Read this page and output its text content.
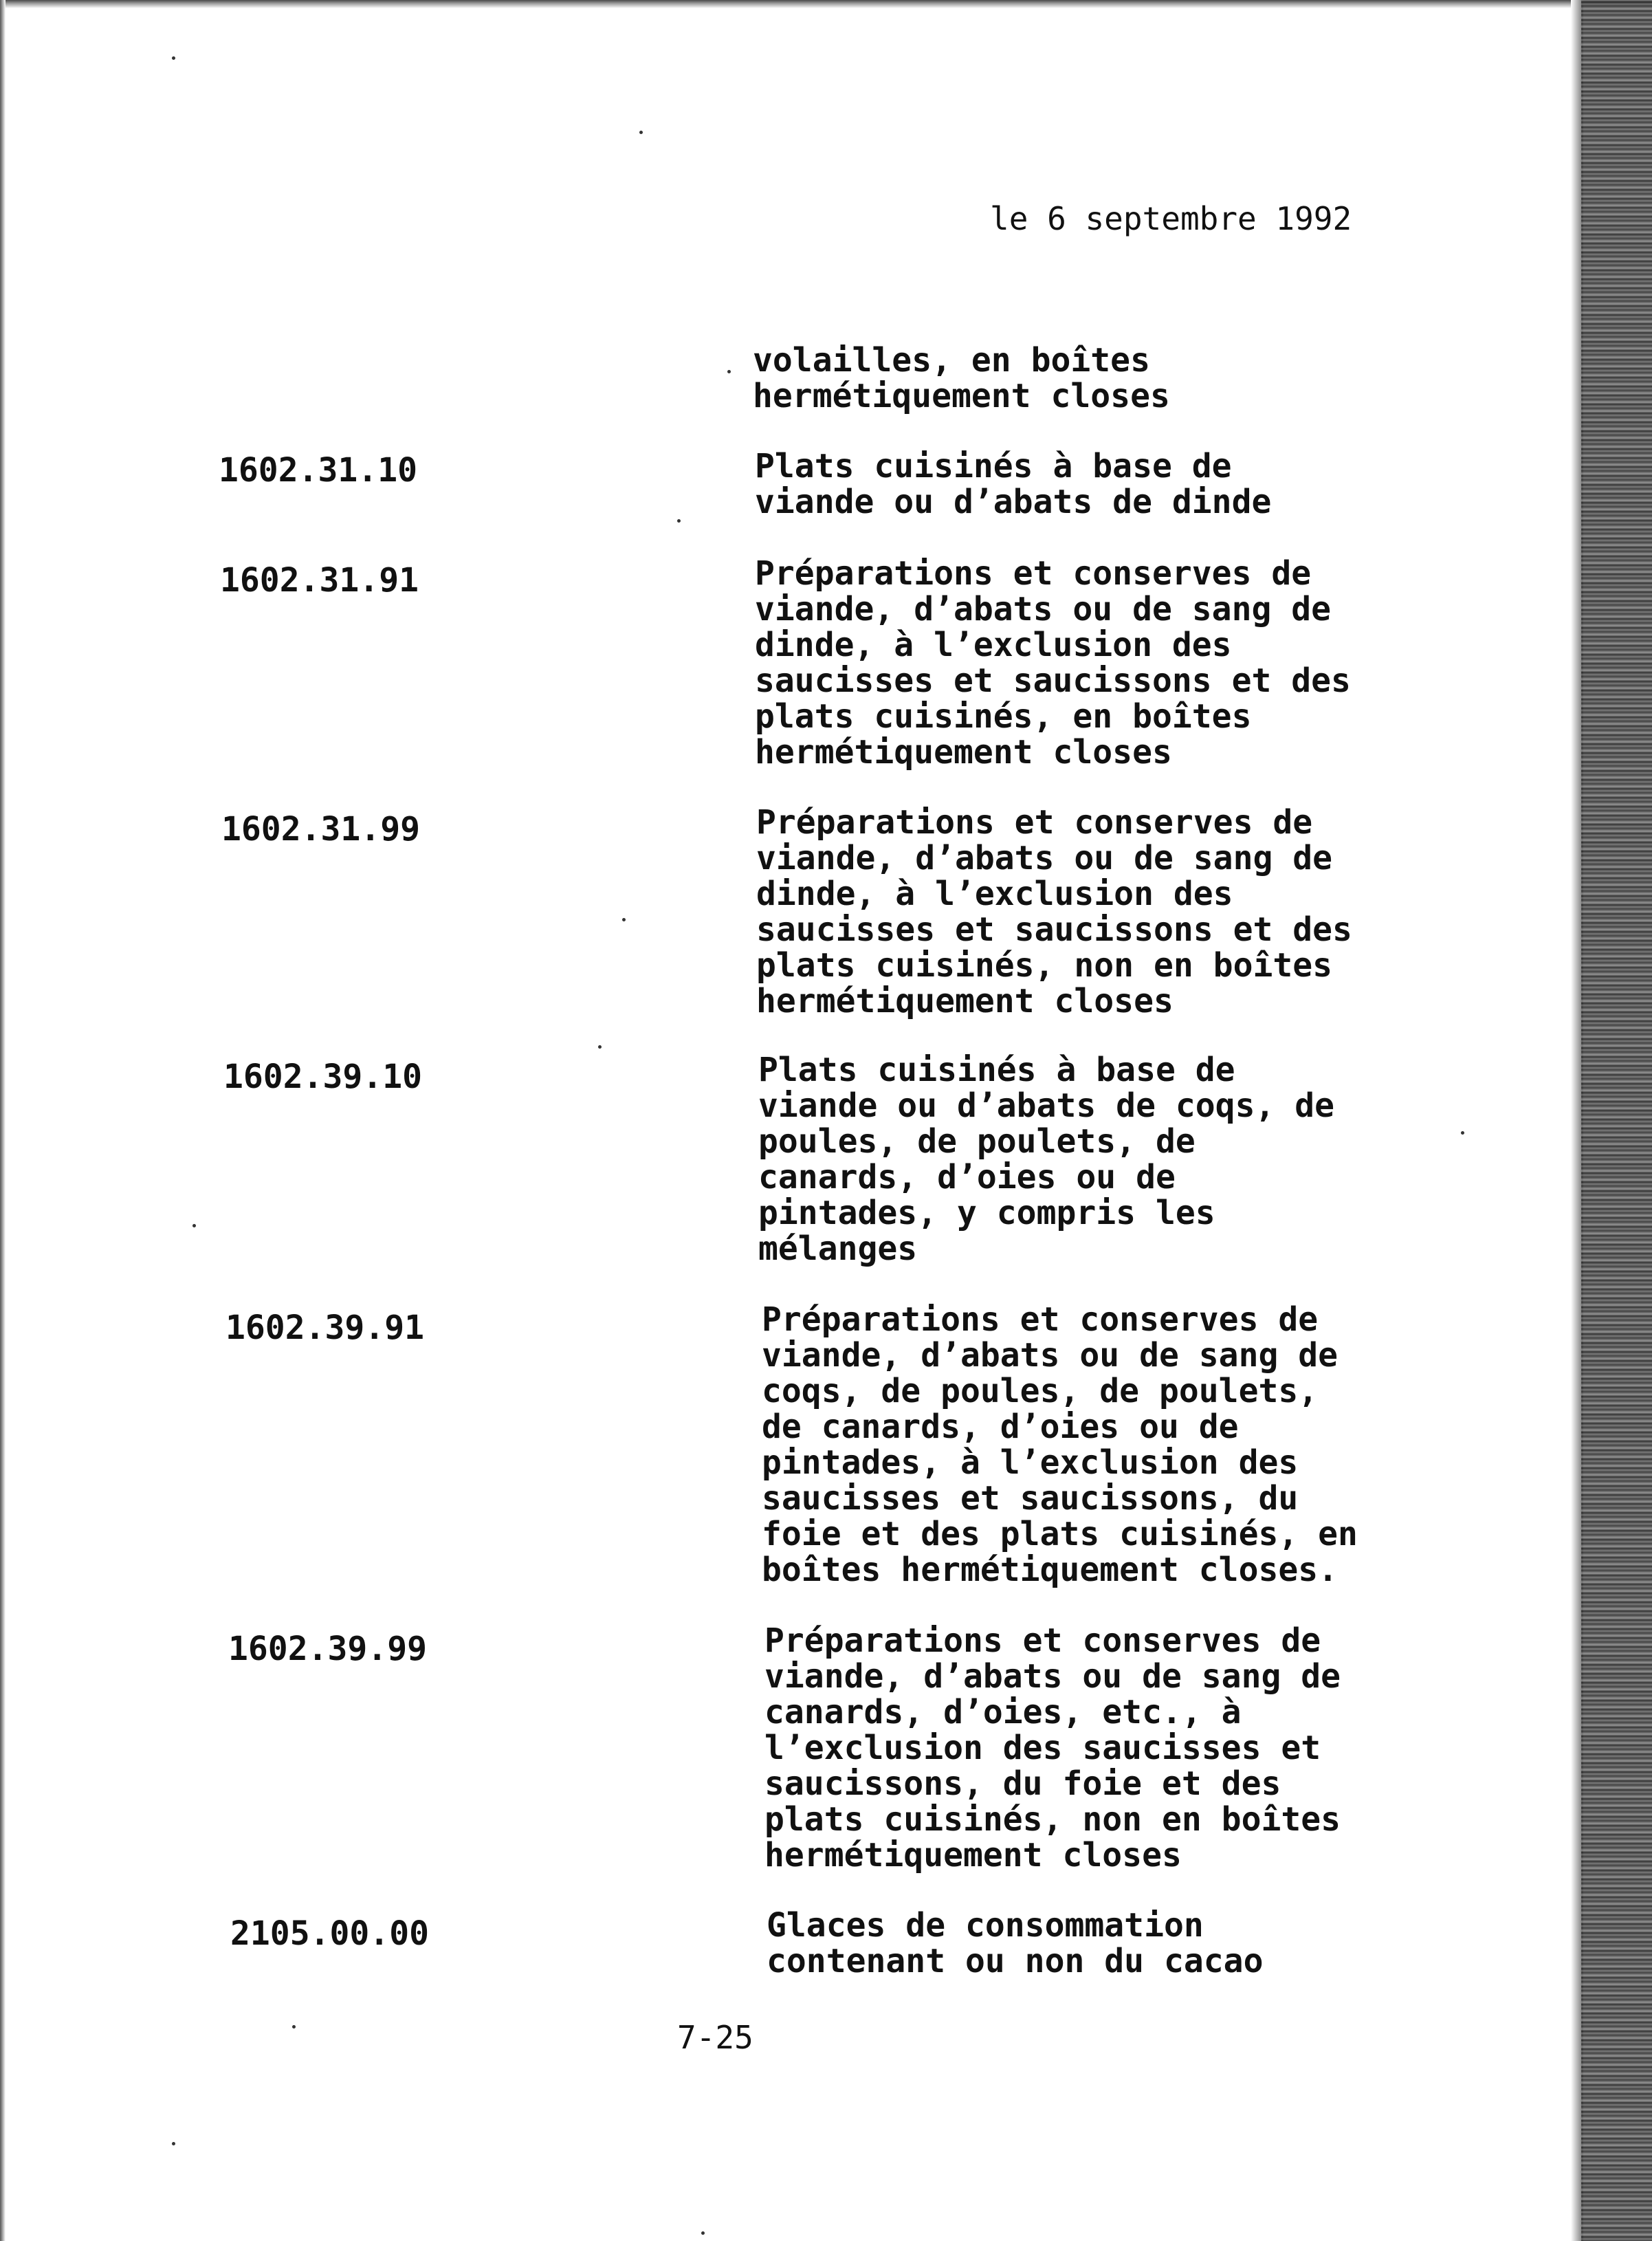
le 6 septembre 1992
volailles, en boîtes
hermétiquement closes
1602.31.10	Plats cuisinés à base de
viande ou d’abats de dinde
1602.31.91	Préparations et conserves de
viande, d’abats ou de sang de
dinde, à l’exclusion des
saucisses et saucissons et des
plats cuisinés, en boîtes
hermétiquement closes
1602.31.99	Préparations et conserves de
viande, d’abats ou de sang de
dinde, à l’exclusion des
saucisses et saucissons et des
plats cuisinés, non en boîtes
hermétiquement closes
1602.39.10	Plats cuisinés à base de
viande ou d’abats de coqs, de
poules, de poulets, de
canards, d’oies ou de
pintades, y compris les
mélanges
1602.39.91	Préparations et conserves de
viande, d’abats ou de sang de
coqs, de poules, de poulets,
de canards, d’oies ou de
pintades, à l’exclusion des
saucisses et saucissons, du
foie et des plats cuisinés, en
boîtes hermétiquement closes.
1602.39.99	Préparations et conserves de
viande, d’abats ou de sang de
canards, d’oies, etc., à
l’exclusion des saucisses et
saucissons, du foie et des
plats cuisinés, non en boîtes
hermétiquement closes
2105.00.00	Glaces de consommation
contenant ou non du cacao
7-25
